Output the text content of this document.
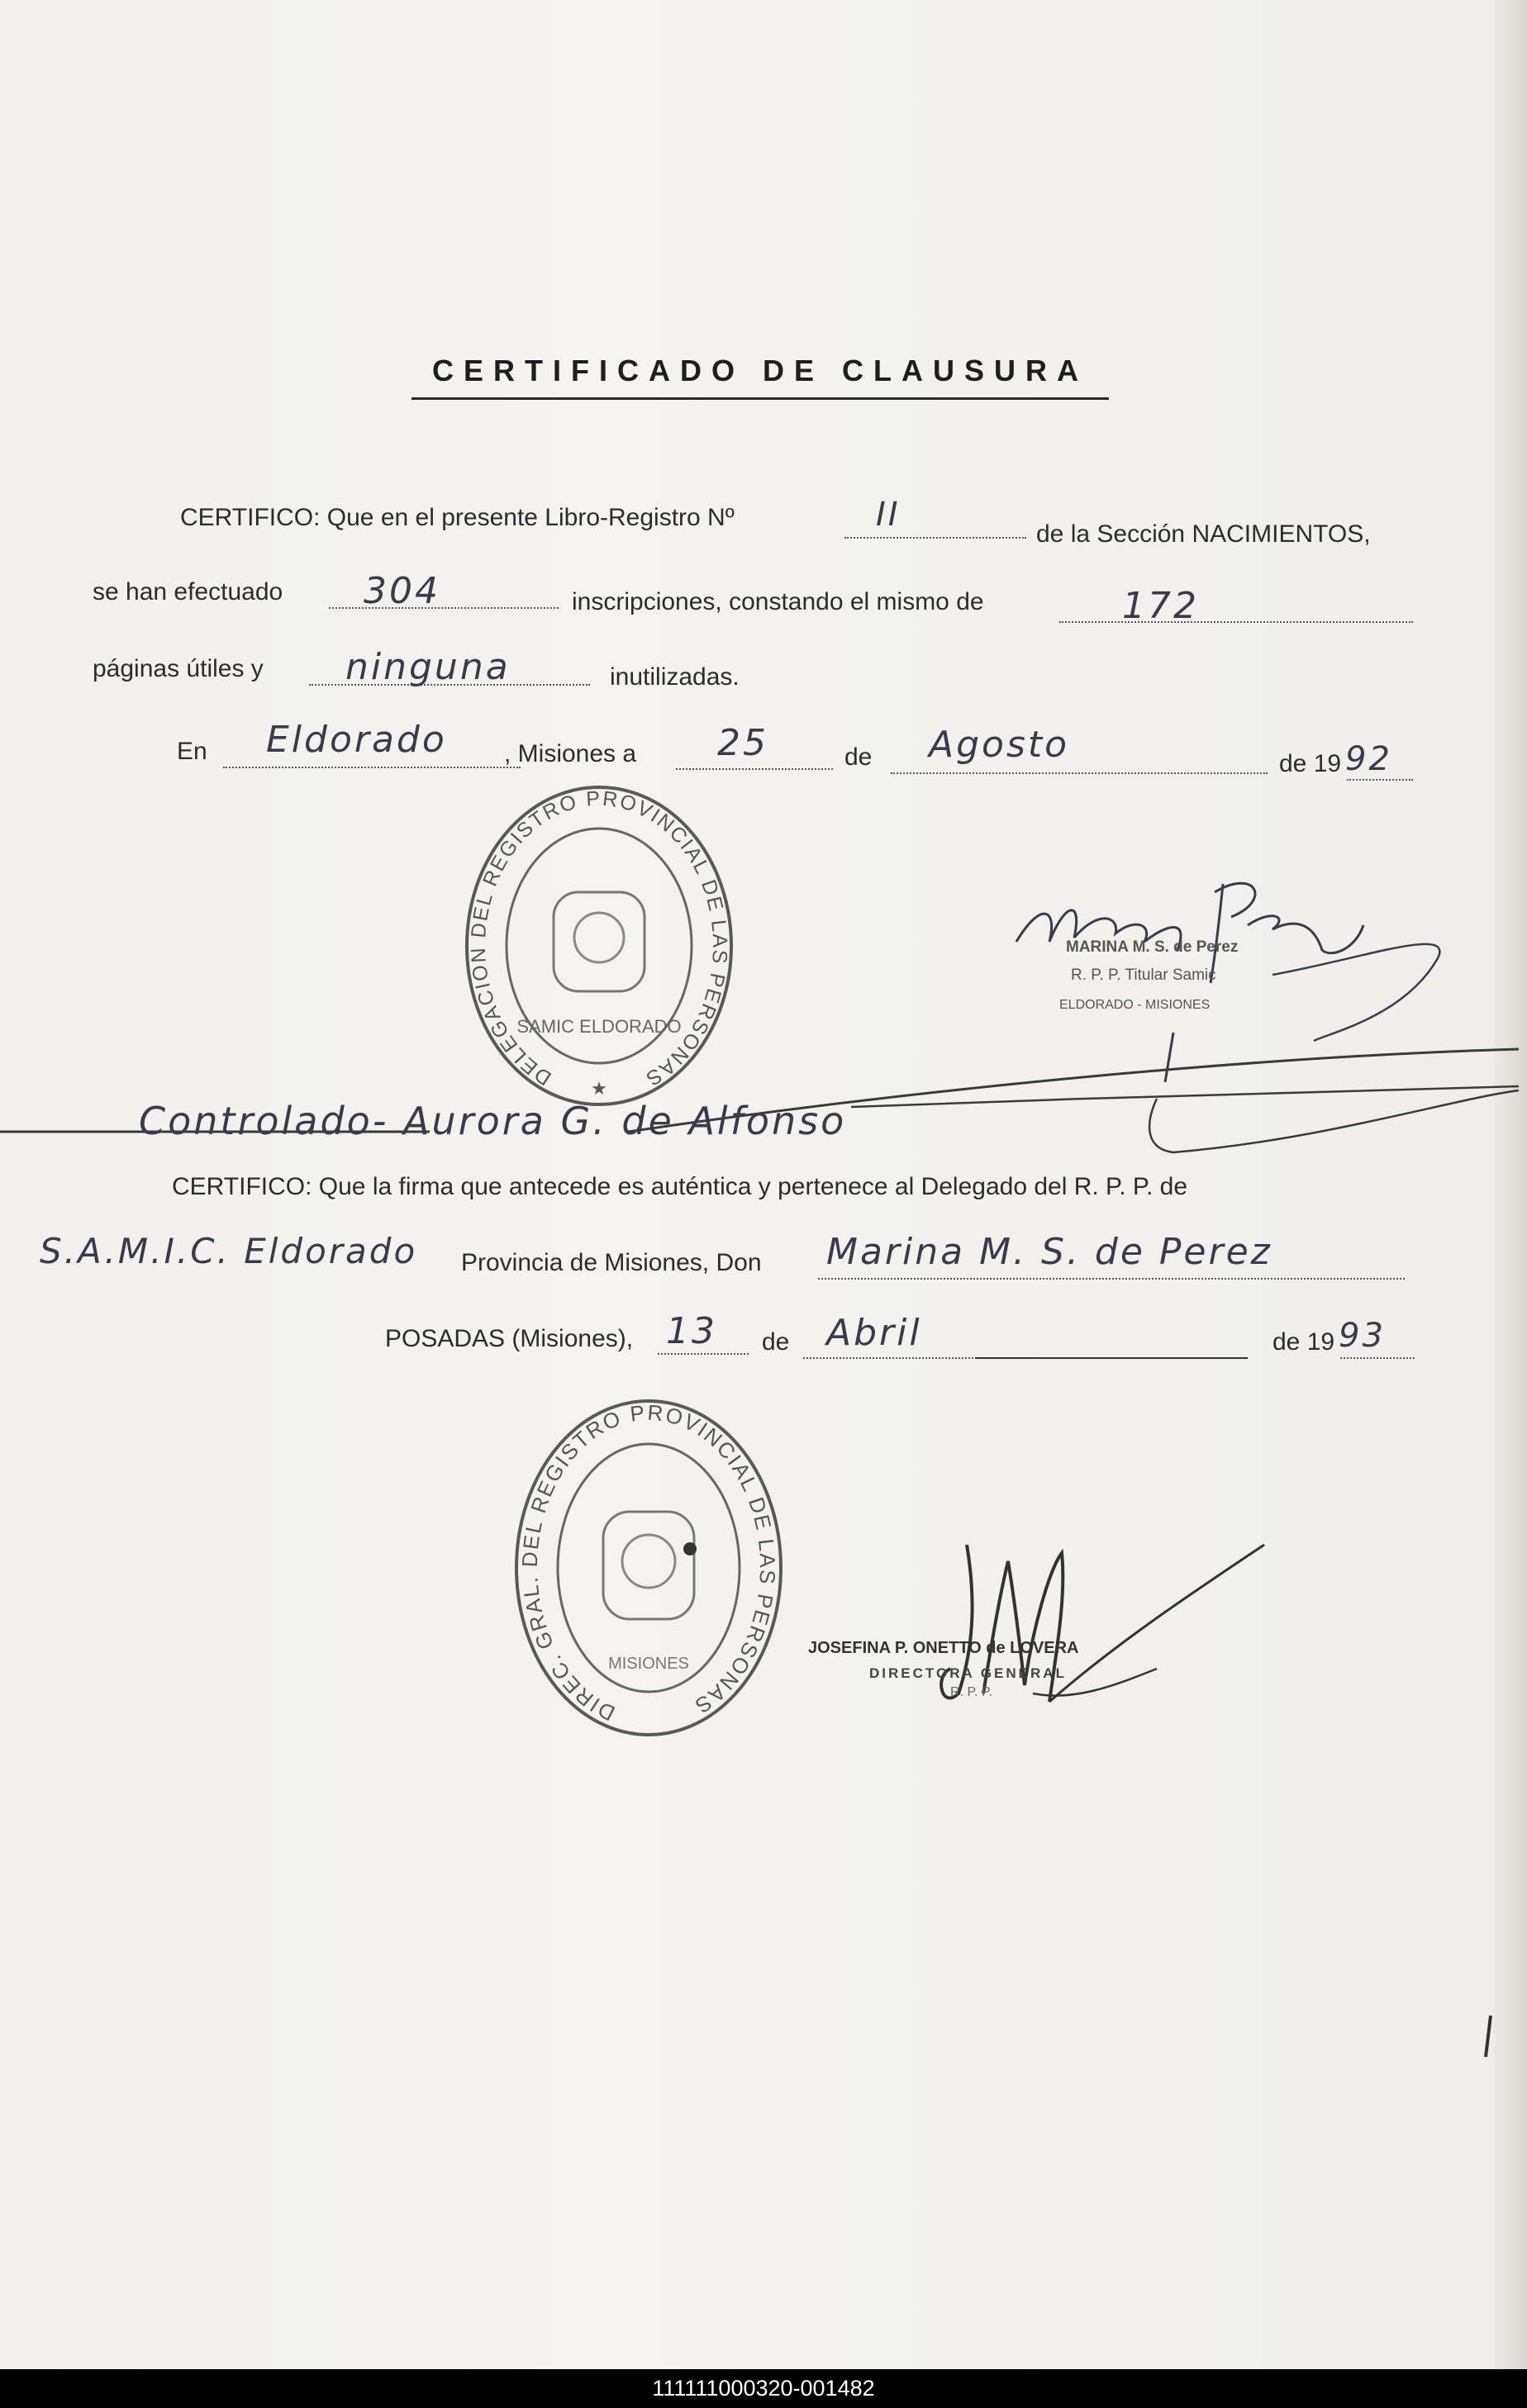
CERTIFICADO DE CLAUSURA
CERTIFICO: Que en el presente Libro-Registro Nº	II
de la Sección NACIMIENTOS,
se han efectuado 304	inscripciones, constando el mismo de	172
páginas útiles y ninguna	inutilizadas.
En Eldorado , Misiones a 25	de Agosto	de 19 92
DELEGACION DEL REGISTRO PROVINCIAL DE LAS PERSONAS
SAMIC ELDORADO
★
MARINA M. S. de Perez
R. P. P. Titular Samic
ELDORADO - MISIONES
Controlado- Aurora G. de Alfonso
CERTIFICO: Que la firma que antecede es auténtica y pertenece al Delegado del R. P. P. de
S.A.M.I.C. Eldorado Provincia de Misiones, Don Marina M. S. de Perez
POSADAS (Misiones), 13 de Abril	de 19 93
DIREC. GRAL. DEL REGISTRO PROVINCIAL DE LAS PERSONAS
MISIONES
JOSEFINA P. ONETTO de LOVERA
DIRECTORA GENERAL
R. P. P.
111111000320-001482
